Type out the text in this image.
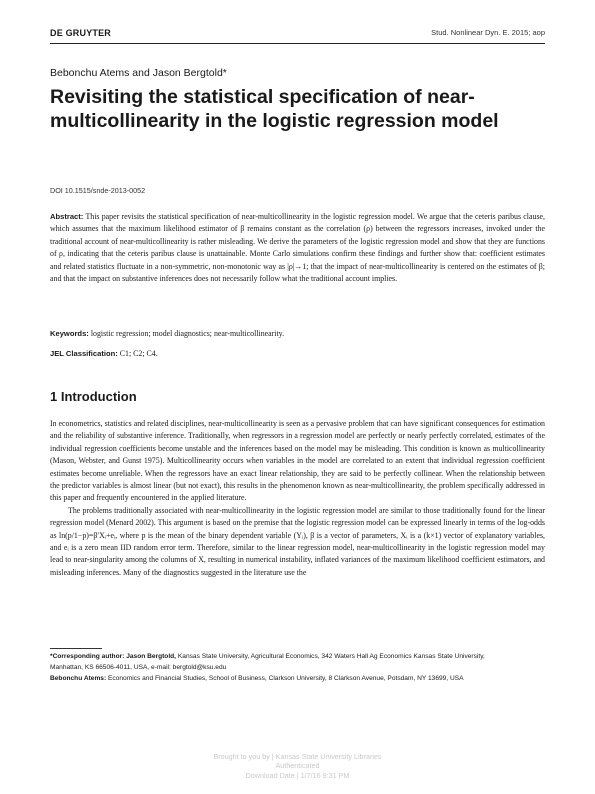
DE GRUYTER	Stud. Nonlinear Dyn. E. 2015; aop
Bebonchu Atems and Jason Bergtold*
Revisiting the statistical specification of near-multicollinearity in the logistic regression model
DOI 10.1515/snde-2013-0052

Abstract: This paper revisits the statistical specification of near-multicollinearity in the logistic regression model. We argue that the ceteris paribus clause, which assumes that the maximum likelihood estimator of β remains constant as the correlation (ρ) between the regressors increases, invoked under the traditional account of near-multicollinearity is rather misleading. We derive the parameters of the logistic regression model and show that they are functions of ρ, indicating that the ceteris paribus clause is unattainable. Monte Carlo simulations confirm these findings and further show that: coefficient estimates and related statistics fluctuate in a non-symmetric, non-monotonic way as |ρ|→1; that the impact of near-multicollinearity is centered on the estimates of β; and that the impact on substantive inferences does not necessarily follow what the traditional account implies.

Keywords: logistic regression; model diagnostics; near-multicollinearity.
JEL Classification: C1; C2; C4.
1 Introduction

In econometrics, statistics and related disciplines, near-multicollinearity is seen as a pervasive problem that can have significant consequences for estimation and the reliability of substantive inference. Traditionally, when regressors in a regression model are perfectly or nearly perfectly correlated, estimates of the individual regression coefficients become unstable and the inferences based on the model may be misleading. This condition is known as multicollinearity (Mason, Webster, and Gunst 1975). Multicollinearity occurs when variables in the model are correlated to an extent that individual regression coefficient estimates become unreliable. When the regressors have an exact linear relationship, they are said to be perfectly collinear. When the relationship between the predictor variables is almost linear (but not exact), this results in the phenomenon known as near-multicollinearity, the problem specifically addressed in this paper and frequently encountered in the applied literature.

The problems traditionally associated with near-multicollinearity in the logistic regression model are similar to those traditionally found for the linear regression model (Menard 2002). This argument is based on the premise that the logistic regression model can be expressed linearly in terms of the log-odds as ln(p/1−p)=β′Xᵢ+eᵢ, where p is the mean of the binary dependent variable (Yᵢ), β is a vector of parameters, Xᵢ is a (k×1) vector of explanatory variables, and eᵢ is a zero mean IID random error term. Therefore, similar to the linear regression model, near-multicollinearity in the logistic regression model may lead to near-singularity among the columns of X, resulting in numerical instability, inflated variances of the maximum likelihood coefficient estimators, and misleading inferences. Many of the diagnostics suggested in the literature use the

*Corresponding author: Jason Bergtold, Kansas State University, Agricultural Economics, 342 Waters Hall Ag Economics Kansas State University, Manhattan, KS 66506-4011, USA, e-mail: bergtold@ksu.edu

Bebonchu Atems: Economics and Financial Studies, School of Business, Clarkson University, 8 Clarkson Avenue, Potsdam, NY 13699, USA

Brought to you by | Kansas State University Libraries
Authenticated
Download Date | 1/7/16 9:31 PM
